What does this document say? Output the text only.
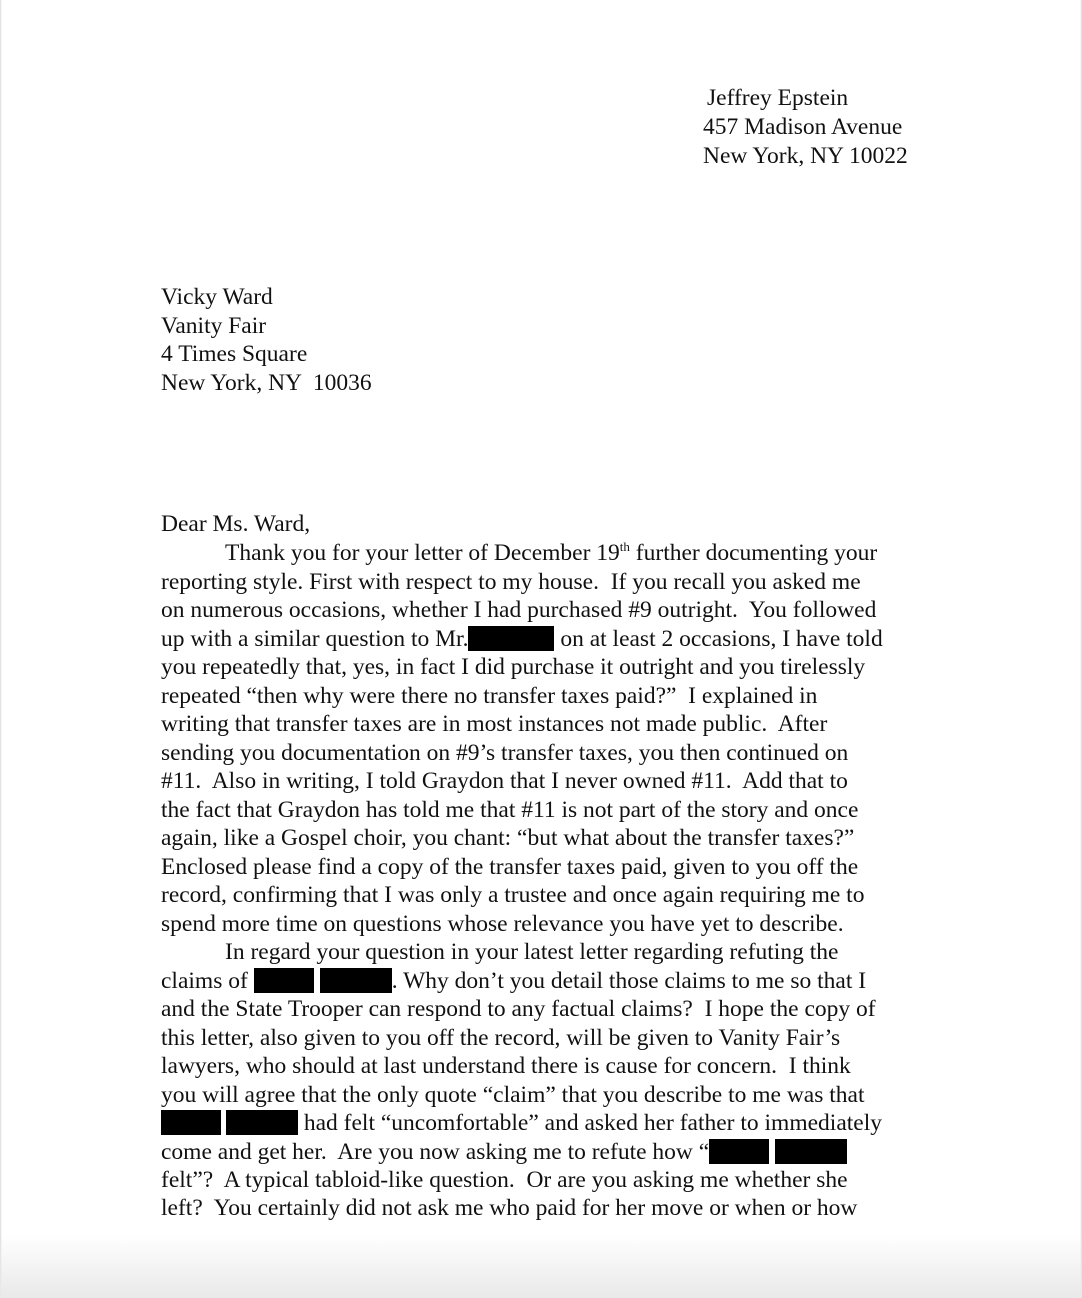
Jeffrey Epstein
457 Madison Avenue
New York, NY 10022
Vicky Ward
Vanity Fair
4 Times Square
New York, NY  10036
Dear Ms. Ward,
Thank you for your letter of December 19th further documenting your
reporting style. First with respect to my house.  If you recall you asked me
on numerous occasions, whether I had purchased #9 outright.  You followed
up with a similar question to Mr.	on at least 2 occasions, I have told
you repeatedly that, yes, in fact I did purchase it outright and you tirelessly
repeated “then why were there no transfer taxes paid?”  I explained in
writing that transfer taxes are in most instances not made public.  After
sending you documentation on #9’s transfer taxes, you then continued on
#11.  Also in writing, I told Graydon that I never owned #11.  Add that to
the fact that Graydon has told me that #11 is not part of the story and once
again, like a Gospel choir, you chant: “but what about the transfer taxes?”
Enclosed please find a copy of the transfer taxes paid, given to you off the
record, confirming that I was only a trustee and once again requiring me to
spend more time on questions whose relevance you have yet to describe.
In regard your question in your latest letter regarding refuting the
claims of	. Why don’t you detail those claims to me so that I
and the State Trooper can respond to any factual claims?  I hope the copy of
this letter, also given to you off the record, will be given to Vanity Fair’s
lawyers, who should at last understand there is cause for concern.  I think
you will agree that the only quote “claim” that you describe to me was that
had felt “uncomfortable” and asked her father to immediately
come and get her.  Are you now asking me to refute how “
felt”?  A typical tabloid-like question.  Or are you asking me whether she
left?  You certainly did not ask me who paid for her move or when or how
